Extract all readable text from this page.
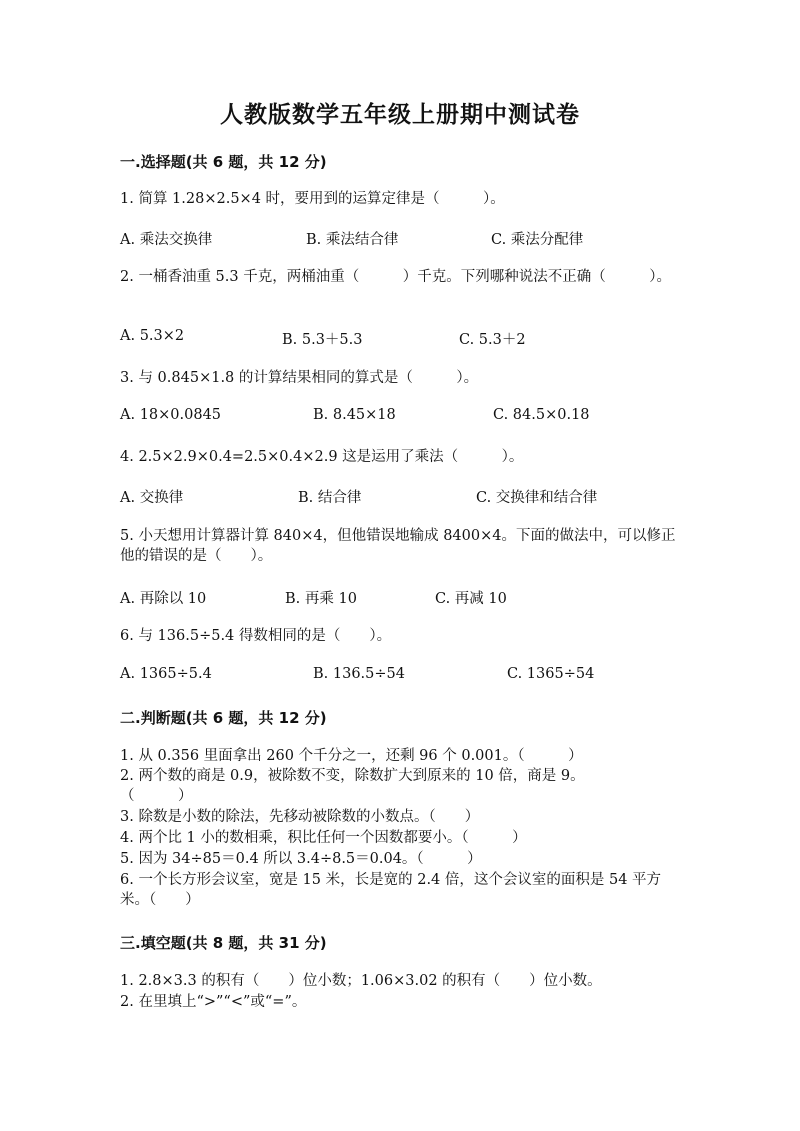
人教版数学五年级上册期中测试卷
一.选择题(共 6 题，共 12 分)
1. 简算 1.28×2.5×4 时，要用到的运算定律是（　　　）。
A. 乘法交换律	B. 乘法结合律	C. 乘法分配律
2. 一桶香油重 5.3 千克，两桶油重（　　　）千克。下列哪种说法不正确（　　　）。
A. 5.3×2	B. 5.3＋5.3	C. 5.3＋2
3. 与 0.845×1.8 的计算结果相同的算式是（　　　）。
A. 18×0.0845	B. 8.45×18	C. 84.5×0.18
4. 2.5×2.9×0.4=2.5×0.4×2.9 这是运用了乘法（　　　）。
A. 交换律	B. 结合律	C. 交换律和结合律
5. 小天想用计算器计算 840×4，但他错误地输成 8400×4。下面的做法中，可以修正他的错误的是（　　）。
A. 再除以 10	B. 再乘 10	C. 再减 10
6. 与 136.5÷5.4 得数相同的是（　　）。
A. 1365÷5.4	B. 136.5÷54	C. 1365÷54
二.判断题(共 6 题，共 12 分)
1. 从 0.356 里面拿出 260 个千分之一，还剩 96 个 0.001。（　　　）
2. 两个数的商是 0.9，被除数不变，除数扩大到原来的 10 倍，商是 9。（　　　）
3. 除数是小数的除法，先移动被除数的小数点。（　　）
4. 两个比 1 小的数相乘，积比任何一个因数都要小。（　　　）
5. 因为 34÷85＝0.4 所以 3.4÷8.5＝0.04。（　　　）
6. 一个长方形会议室，宽是 15 米，长是宽的 2.4 倍，这个会议室的面积是 54 平方米。（　　）
三.填空题(共 8 题，共 31 分)
1. 2.8×3.3 的积有（　　）位小数；1.06×3.02 的积有（　　）位小数。
2. 在里填上“>”“<”或“=”。
